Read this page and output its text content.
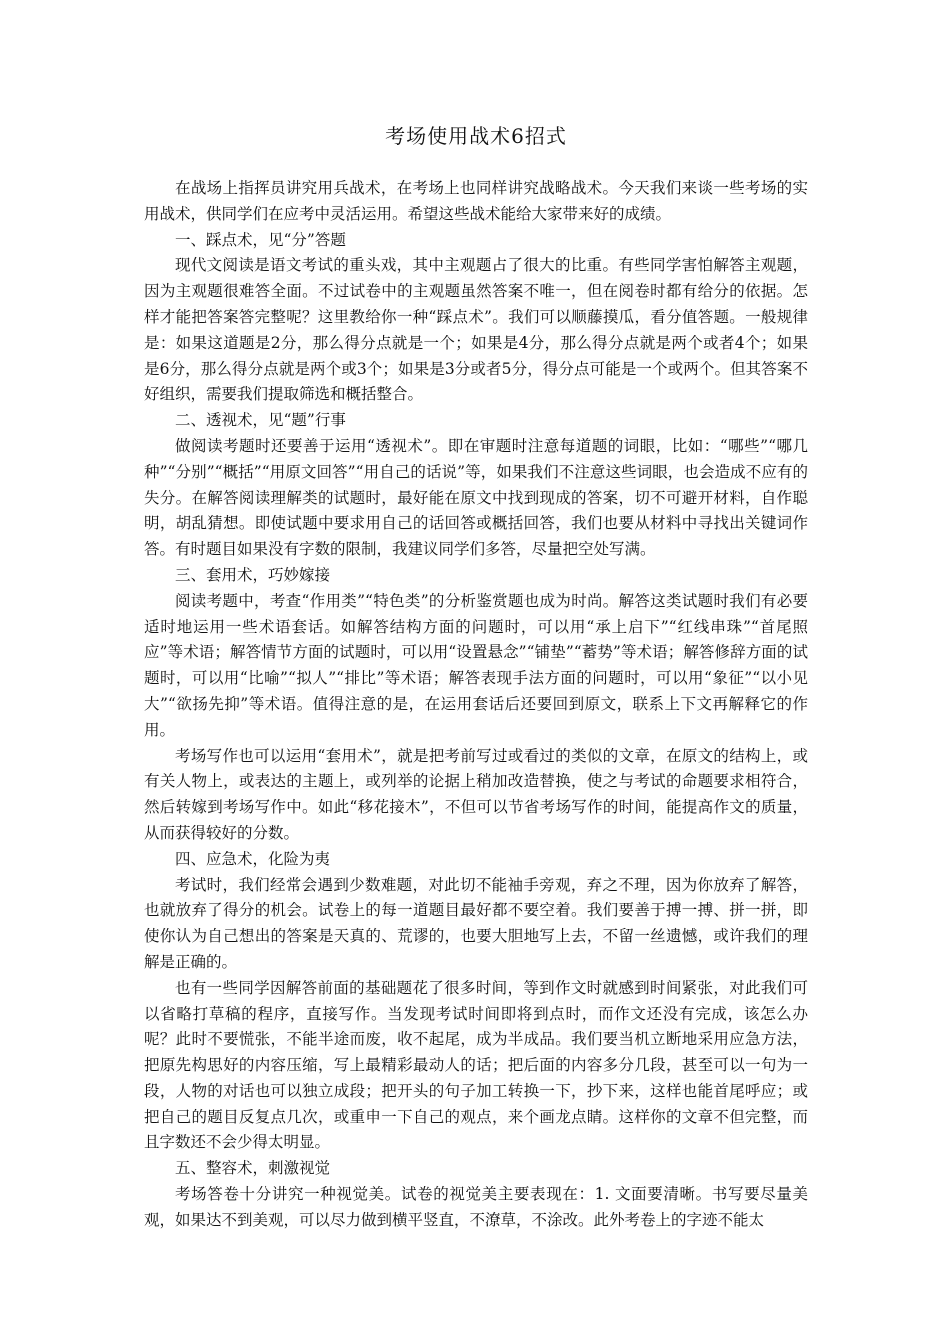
考场使用战术6招式

在战场上指挥员讲究用兵战术，在考场上也同样讲究战略战术。今天我们来谈一些考场的实用战术，供同学们在应考中灵活运用。希望这些战术能给大家带来好的成绩。

一、踩点术，见“分”答题

现代文阅读是语文考试的重头戏，其中主观题占了很大的比重。有些同学害怕解答主观题，因为主观题很难答全面。不过试卷中的主观题虽然答案不唯一，但在阅卷时都有给分的依据。怎样才能把答案答完整呢？这里教给你一种“踩点术”。我们可以顺藤摸瓜，看分值答题。一般规律是：如果这道题是2分，那么得分点就是一个；如果是4分，那么得分点就是两个或者4个；如果是6分，那么得分点就是两个或3个；如果是3分或者5分，得分点可能是一个或两个。但其答案不好组织，需要我们提取筛选和概括整合。

二、透视术，见“题”行事

做阅读考题时还要善于运用“透视术”。即在审题时注意每道题的词眼，比如：“哪些”“哪几种”“分别”“概括”“用原文回答”“用自己的话说”等，如果我们不注意这些词眼，也会造成不应有的失分。在解答阅读理解类的试题时，最好能在原文中找到现成的答案，切不可避开材料，自作聪明，胡乱猜想。即使试题中要求用自己的话回答或概括回答，我们也要从材料中寻找出关键词作答。有时题目如果没有字数的限制，我建议同学们多答，尽量把空处写满。

三、套用术，巧妙嫁接

阅读考题中，考查“作用类”“特色类”的分析鉴赏题也成为时尚。解答这类试题时我们有必要适时地运用一些术语套话。如解答结构方面的问题时，可以用“承上启下”“红线串珠”“首尾照应”等术语；解答情节方面的试题时，可以用“设置悬念”“铺垫”“蓄势”等术语；解答修辞方面的试题时，可以用“比喻”“拟人”“排比”等术语；解答表现手法方面的问题时，可以用“象征”“以小见大”“欲扬先抑”等术语。值得注意的是，在运用套话后还要回到原文，联系上下文再解释它的作用。

考场写作也可以运用“套用术”，就是把考前写过或看过的类似的文章，在原文的结构上，或有关人物上，或表达的主题上，或列举的论据上稍加改造替换，使之与考试的命题要求相符合，然后转嫁到考场写作中。如此“移花接木”，不但可以节省考场写作的时间，能提高作文的质量，从而获得较好的分数。

四、应急术，化险为夷

考试时，我们经常会遇到少数难题，对此切不能袖手旁观，弃之不理，因为你放弃了解答，也就放弃了得分的机会。试卷上的每一道题目最好都不要空着。我们要善于搏一搏、拼一拼，即使你认为自己想出的答案是天真的、荒谬的，也要大胆地写上去，不留一丝遗憾，或许我们的理解是正确的。

也有一些同学因解答前面的基础题花了很多时间，等到作文时就感到时间紧张，对此我们可以省略打草稿的程序，直接写作。当发现考试时间即将到点时，而作文还没有完成，该怎么办呢？此时不要慌张，不能半途而废，收不起尾，成为半成品。我们要当机立断地采用应急方法，把原先构思好的内容压缩，写上最精彩最动人的话；把后面的内容多分几段，甚至可以一句为一段，人物的对话也可以独立成段；把开头的句子加工转换一下，抄下来，这样也能首尾呼应；或把自己的题目反复点几次，或重申一下自己的观点，来个画龙点睛。这样你的文章不但完整，而且字数还不会少得太明显。

五、整容术，刺激视觉

考场答卷十分讲究一种视觉美。试卷的视觉美主要表现在：1. 文面要清晰。书写要尽量美观，如果达不到美观，可以尽力做到横平竖直，不潦草，不涂改。此外考卷上的字迹不能太
